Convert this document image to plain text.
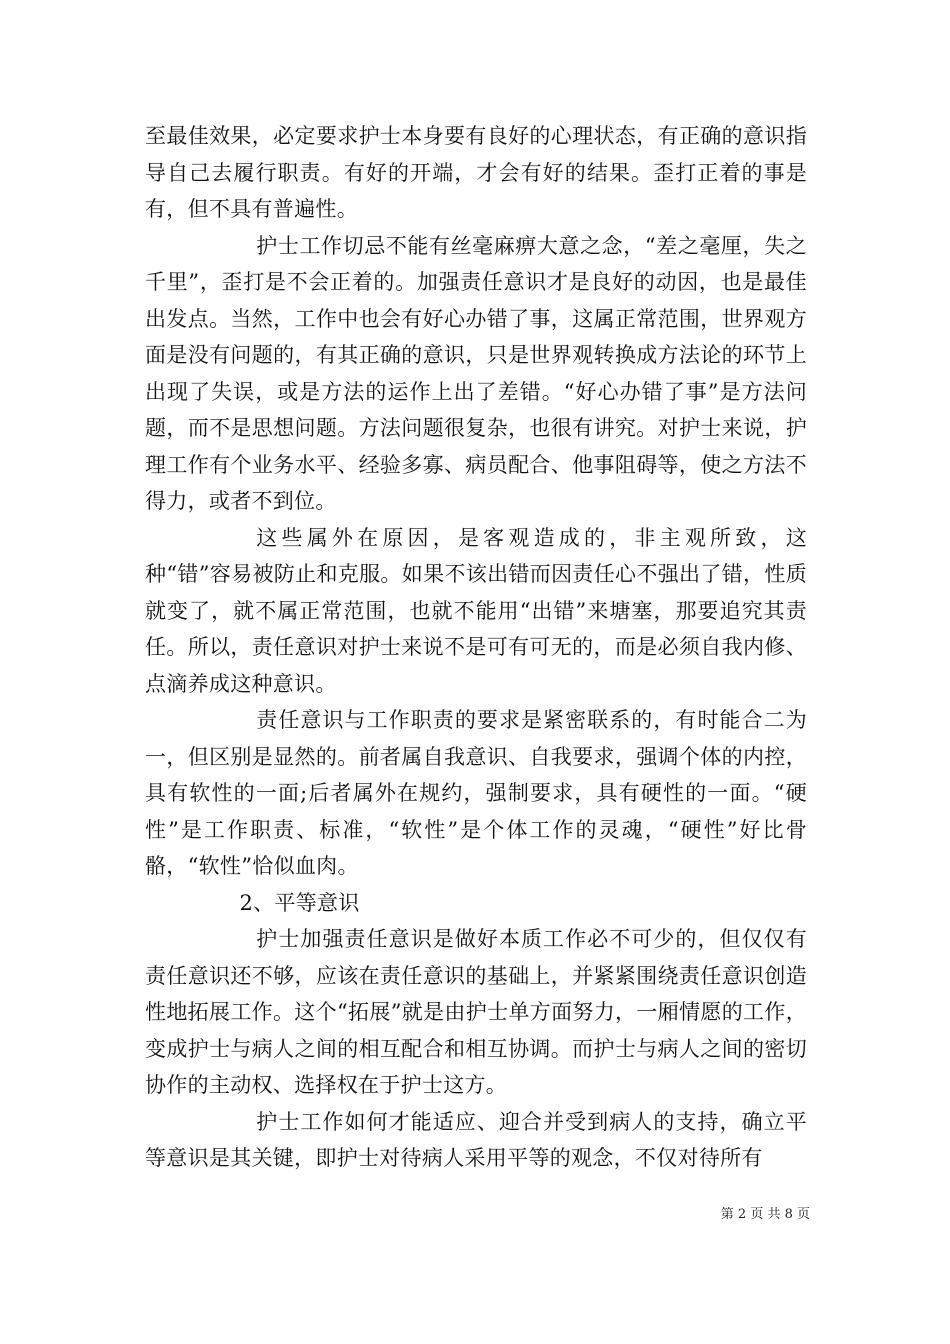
至最佳效果，必定要求护士本身要有良好的心理状态，有正确的意识指导自己去履行职责。有好的开端，才会有好的结果。歪打正着的事是有，但不具有普遍性。

护士工作切忌不能有丝毫麻痹大意之念，“差之毫厘，失之千里”，歪打是不会正着的。加强责任意识才是良好的动因，也是最佳出发点。当然，工作中也会有好心办错了事，这属正常范围，世界观方面是没有问题的，有其正确的意识，只是世界观转换成方法论的环节上出现了失误，或是方法的运作上出了差错。“好心办错了事”是方法问题，而不是思想问题。方法问题很复杂，也很有讲究。对护士来说，护理工作有个业务水平、经验多寡、病员配合、他事阻碍等，使之方法不得力，或者不到位。

这些属外在原因，是客观造成的，非主观所致，这种“错”容易被防止和克服。如果不该出错而因责任心不强出了错，性质就变了，就不属正常范围，也就不能用“出错”来塘塞，那要追究其责任。所以，责任意识对护士来说不是可有可无的，而是必须自我内修、点滴养成这种意识。

责任意识与工作职责的要求是紧密联系的，有时能合二为一，但区别是显然的。前者属自我意识、自我要求，强调个体的内控，具有软性的一面;后者属外在规约，强制要求，具有硬性的一面。“硬性”是工作职责、标准，“软性”是个体工作的灵魂，“硬性”好比骨骼，“软性”恰似血肉。

2、平等意识

护士加强责任意识是做好本质工作必不可少的，但仅仅有责任意识还不够，应该在责任意识的基础上，并紧紧围绕责任意识创造性地拓展工作。这个“拓展”就是由护士单方面努力，一厢情愿的工作，变成护士与病人之间的相互配合和相互协调。而护士与病人之间的密切协作的主动权、选择权在于护士这方。

护士工作如何才能适应、迎合并受到病人的支持，确立平等意识是其关键，即护士对待病人采用平等的观念，不仅对待所有

第 2 页 共 8 页
